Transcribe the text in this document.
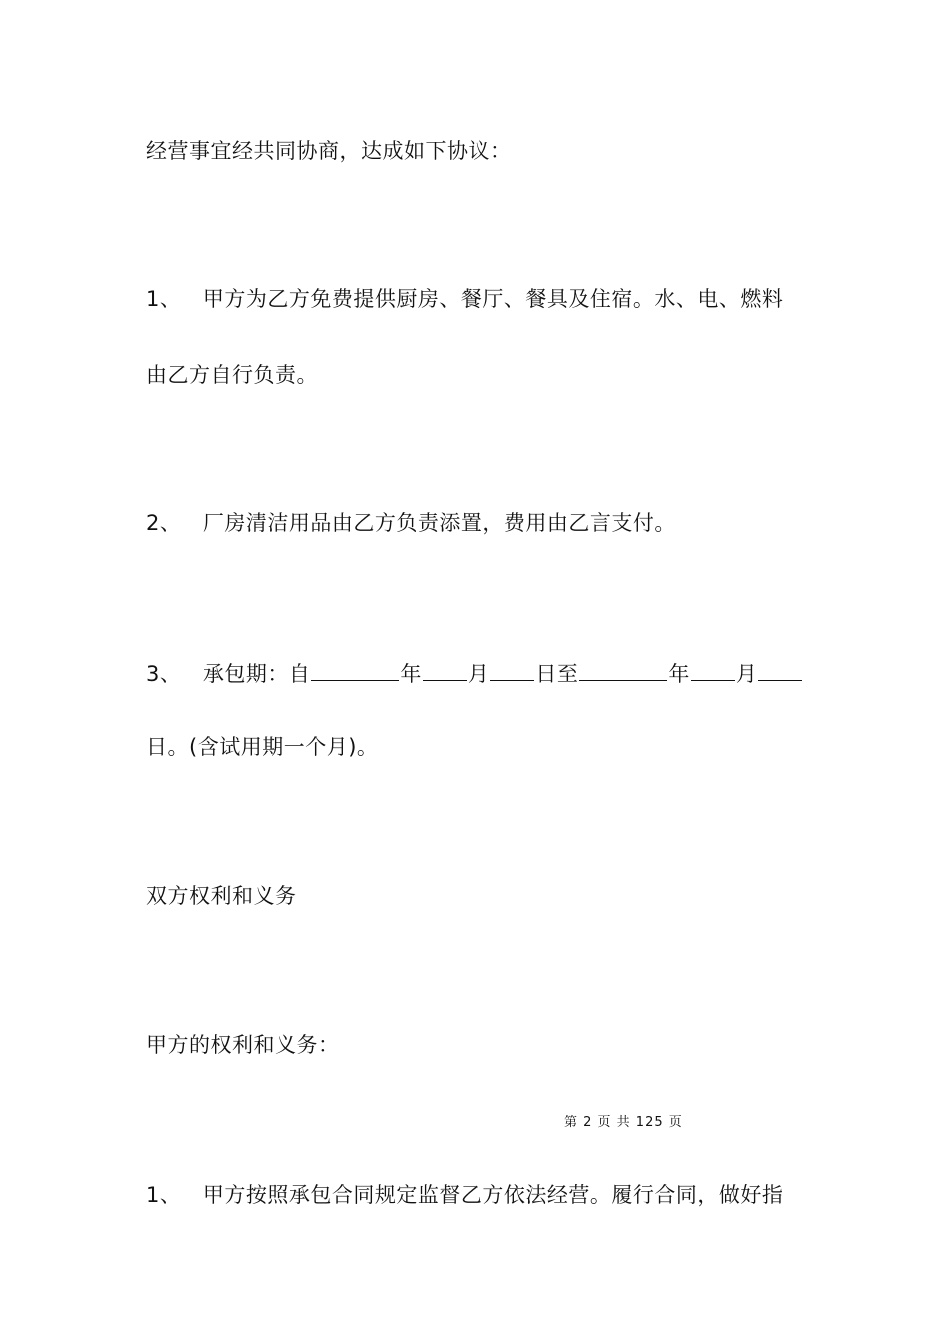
经营事宜经共同协商，达成如下协议：
1、 甲方为乙方免费提供厨房、餐厅、餐具及住宿。水、电、燃料
由乙方自行负责。
2、 厂房清洁用品由乙方负责添置，费用由乙言支付。
3、 承包期：自	年 月 日至	年 月
日。(含试用期一个月)。
双方权利和义务
甲方的权利和义务：
第 2 页 共 125 页
1、 甲方按照承包合同规定监督乙方依法经营。履行合同，做好指
